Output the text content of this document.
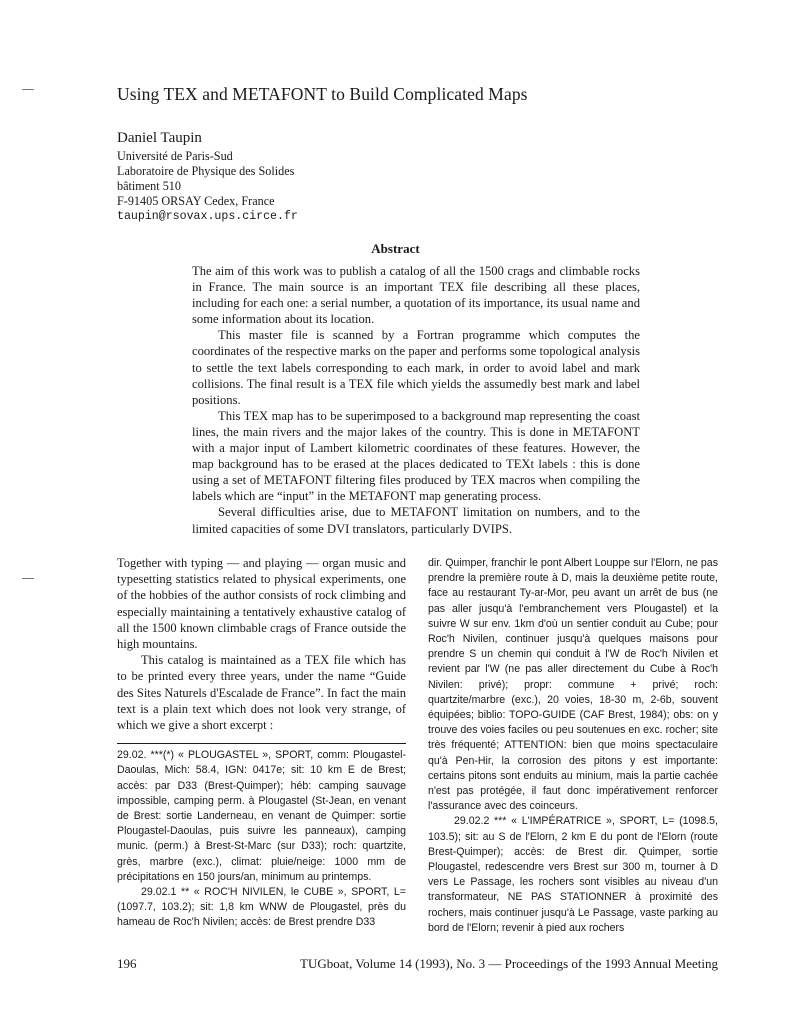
Using TEX and METAFONT to Build Complicated Maps
Daniel Taupin
Université de Paris-Sud
Laboratoire de Physique des Solides
bâtiment 510
F-91405 ORSAY Cedex, France
taupin@rsovax.ups.circe.fr
Abstract

The aim of this work was to publish a catalog of all the 1500 crags and climbable rocks in France. The main source is an important TEX file describing all these places, including for each one: a serial number, a quotation of its importance, its usual name and some information about its location.

This master file is scanned by a Fortran programme which computes the coordinates of the respective marks on the paper and performs some topological analysis to settle the text labels corresponding to each mark, in order to avoid label and mark collisions. The final result is a TEX file which yields the assumedly best mark and label positions.

This TEX map has to be superimposed to a background map representing the coast lines, the main rivers and the major lakes of the country. This is done in METAFONT with a major input of Lambert kilometric coordinates of these features. However, the map background has to be erased at the places dedicated to TEXt labels : this is done using a set of METAFONT filtering files produced by TEX macros when compiling the labels which are “input” in the METAFONT map generating process.

Several difficulties arise, due to METAFONT limitation on numbers, and to the limited capacities of some DVI translators, particularly DVIPS.

Together with typing — and playing — organ music and typesetting statistics related to physical experiments, one of the hobbies of the author consists of rock climbing and especially maintaining a tentatively exhaustive catalog of all the 1500 known climbable crags of France outside the high mountains.

This catalog is maintained as a TEX file which has to be printed every three years, under the name “Guide des Sites Naturels d'Escalade de France”. In fact the main text is a plain text which does not look very strange, of which we give a short excerpt :

29.02. ***(*) « PLOUGASTEL », SPORT, comm: Plougastel-Daoulas, Mich: 58.4, IGN: 0417e; sit: 10 km E de Brest; accès: par D33 (Brest-Quimper); héb: camping sauvage impossible, camping perm. à Plougastel (St-Jean, en venant de Brest: sortie Landerneau, en venant de Quimper: sortie Plougastel-Daoulas, puis suivre les panneaux), camping munic. (perm.) à Brest-St-Marc (sur D33); roch: quartzite, grès, marbre (exc.), climat: pluie/neige: 1000 mm de précipitations en 150 jours/an, minimum au printemps.

29.02.1 ** « ROC'H NIVILEN, le CUBE », SPORT, L= (1097.7, 103.2); sit: 1,8 km WNW de Plougastel, près du hameau de Roc'h Nivilen; accès: de Brest prendre D33

dir. Quimper, franchir le pont Albert Louppe sur l'Elorn, ne pas prendre la première route à D, mais la deuxième petite route, face au restaurant Ty-ar-Mor, peu avant un arrêt de bus (ne pas aller jusqu'à l'embranchement vers Plougastel) et la suivre W sur env. 1km d'où un sentier conduit au Cube; pour Roc'h Nivilen, continuer jusqu'à quelques maisons pour prendre S un chemin qui conduit à l'W de Roc'h Nivilen et revient par l'W (ne pas aller directement du Cube à Roc'h Nivilen: privé); propr: commune + privé; roch: quartzite/marbre (exc.), 20 voies, 18-30 m, 2-6b, souvent équipées; biblio: TOPO-GUIDE (CAF Brest, 1984); obs: on y trouve des voies faciles ou peu soutenues en exc. rocher; site très fréquenté; ATTENTION: bien que moins spectaculaire qu'à Pen-Hir, la corrosion des pitons y est importante: certains pitons sont enduits au minium, mais la partie cachée n'est pas protégée, il faut donc impérativement renforcer l'assurance avec des coinceurs.

29.02.2 *** « L'IMPÉRATRICE », SPORT, L= (1098.5, 103.5); sit: au S de l'Elorn, 2 km E du pont de l'Elorn (route Brest-Quimper); accès: de Brest dir. Quimper, sortie Plougastel, redescendre vers Brest sur 300 m, tourner à D vers Le Passage, les rochers sont visibles au niveau d'un transformateur, NE PAS STATIONNER à proximité des rochers, mais continuer jusqu'à Le Passage, vaste parking au bord de l'Elorn; revenir à pied aux rochers

196	TUGboat, Volume 14 (1993), No. 3 — Proceedings of the 1993 Annual Meeting
